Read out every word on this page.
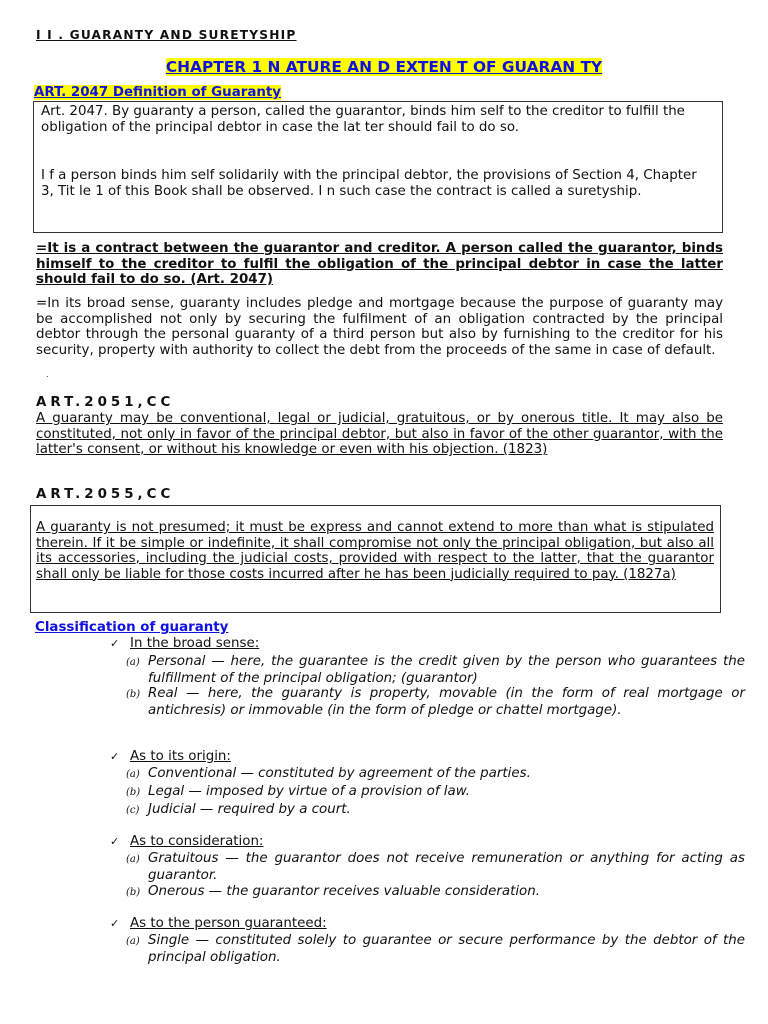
I I . GUARANTY AND SURETYSHIP
CHAPTER 1 N ATURE AN D EXTEN T OF GUARAN TY
ART. 2047 Definition of Guaranty
Art. 2047. By guaranty a person, called the guarantor, binds him self to the creditor to fulfill the obligation of the principal debtor in case the lat ter should fail to do so.
I f a person binds him self solidarily with the principal debtor, the provisions of Section 4, Chapter 3, Tit le 1 of this Book shall be observed. I n such case the contract is called a suretyship.
=It is a contract between the guarantor and creditor. A person called the guarantor, binds himself to the creditor to fulfil the obligation of the principal debtor in case the latter should fail to do so. (Art. 2047)
=In its broad sense, guaranty includes pledge and mortgage because the purpose of guaranty may be accomplished not only by securing the fulfilment of an obligation contracted by the principal debtor through the personal guaranty of a third person but also by furnishing to the creditor for his security, property with authority to collect the debt from the proceeds of the same in case of default.
.
ART.2051,CC
A guaranty may be conventional, legal or judicial, gratuitous, or by onerous title. It may also be constituted, not only in favor of the principal debtor, but also in favor of the other guarantor, with the latter's consent, or without his knowledge or even with his objection. (1823)
ART.2055,CC
A guaranty is not presumed; it must be express and cannot extend to more than what is stipulated therein. If it be simple or indefinite, it shall compromise not only the principal obligation, but also all its accessories, including the judicial costs, provided with respect to the latter, that the guarantor shall only be liable for those costs incurred after he has been judicially required to pay. (1827a)
Classification of guaranty
✓ In the broad sense:
(a) Personal — here, the guarantee is the credit given by the person who guarantees the fulfillment of the principal obligation; (guarantor)
(b) Real — here, the guaranty is property, movable (in the form of real mortgage or antichresis) or immovable (in the form of pledge or chattel mortgage).
✓ As to its origin:
(a) Conventional — constituted by agreement of the parties.
(b) Legal — imposed by virtue of a provision of law.
(c) Judicial — required by a court.
✓ As to consideration:
(a) Gratuitous — the guarantor does not receive remuneration or anything for acting as guarantor.
(b) Onerous — the guarantor receives valuable consideration.
✓ As to the person guaranteed:
(a) Single — constituted solely to guarantee or secure performance by the debtor of the principal obligation.
